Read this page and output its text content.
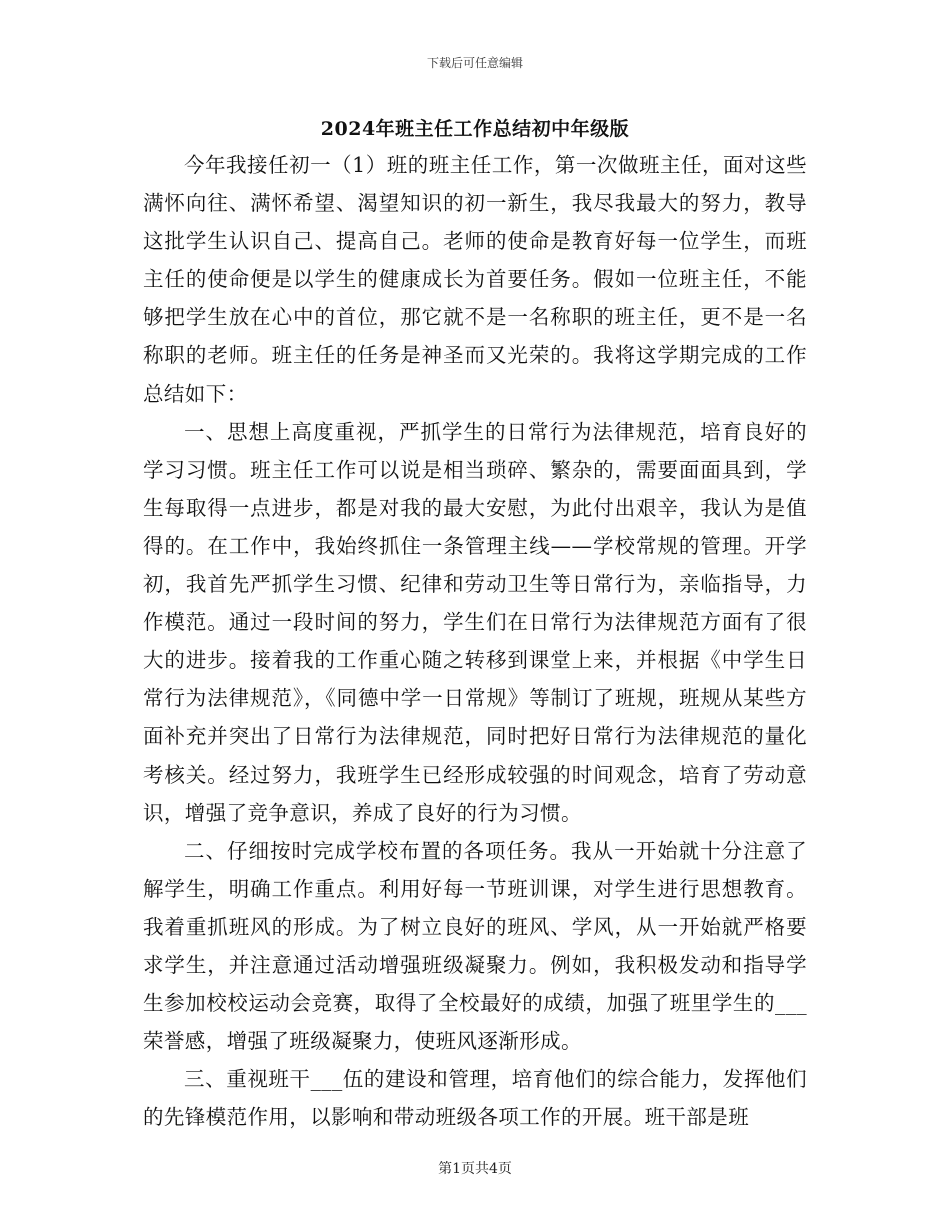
下载后可任意编辑
2024年班主任工作总结初中年级版

今年我接任初一（1）班的班主任工作，第一次做班主任，面对这些满怀向往、满怀希望、渴望知识的初一新生，我尽我最大的努力，教导这批学生认识自己、提高自己。老师的使命是教育好每一位学生，而班主任的使命便是以学生的健康成长为首要任务。假如一位班主任，不能够把学生放在心中的首位，那它就不是一名称职的班主任，更不是一名称职的老师。班主任的任务是神圣而又光荣的。我将这学期完成的工作总结如下：

一、思想上高度重视，严抓学生的日常行为法律规范，培育良好的学习习惯。班主任工作可以说是相当琐碎、繁杂的，需要面面具到，学生每取得一点进步，都是对我的最大安慰，为此付出艰辛，我认为是值得的。在工作中，我始终抓住一条管理主线——学校常规的管理。开学初，我首先严抓学生习惯、纪律和劳动卫生等日常行为，亲临指导，力作模范。通过一段时间的努力，学生们在日常行为法律规范方面有了很大的进步。接着我的工作重心随之转移到课堂上来，并根据《中学生日常行为法律规范》，《同德中学一日常规》等制订了班规，班规从某些方面补充并突出了日常行为法律规范，同时把好日常行为法律规范的量化考核关。经过努力，我班学生已经形成较强的时间观念，培育了劳动意识，增强了竞争意识，养成了良好的行为习惯。

二、仔细按时完成学校布置的各项任务。我从一开始就十分注意了解学生，明确工作重点。利用好每一节班训课，对学生进行思想教育。我着重抓班风的形成。为了树立良好的班风、学风，从一开始就严格要求学生，并注意通过活动增强班级凝聚力。例如，我积极发动和指导学生参加校校运动会竞赛，取得了全校最好的成绩，加强了班里学生的___荣誉感，增强了班级凝聚力，使班风逐渐形成。

三、重视班干___伍的建设和管理，培育他们的综合能力，发挥他们的先锋模范作用，以影响和带动班级各项工作的开展。班干部是班

第1页共4页
